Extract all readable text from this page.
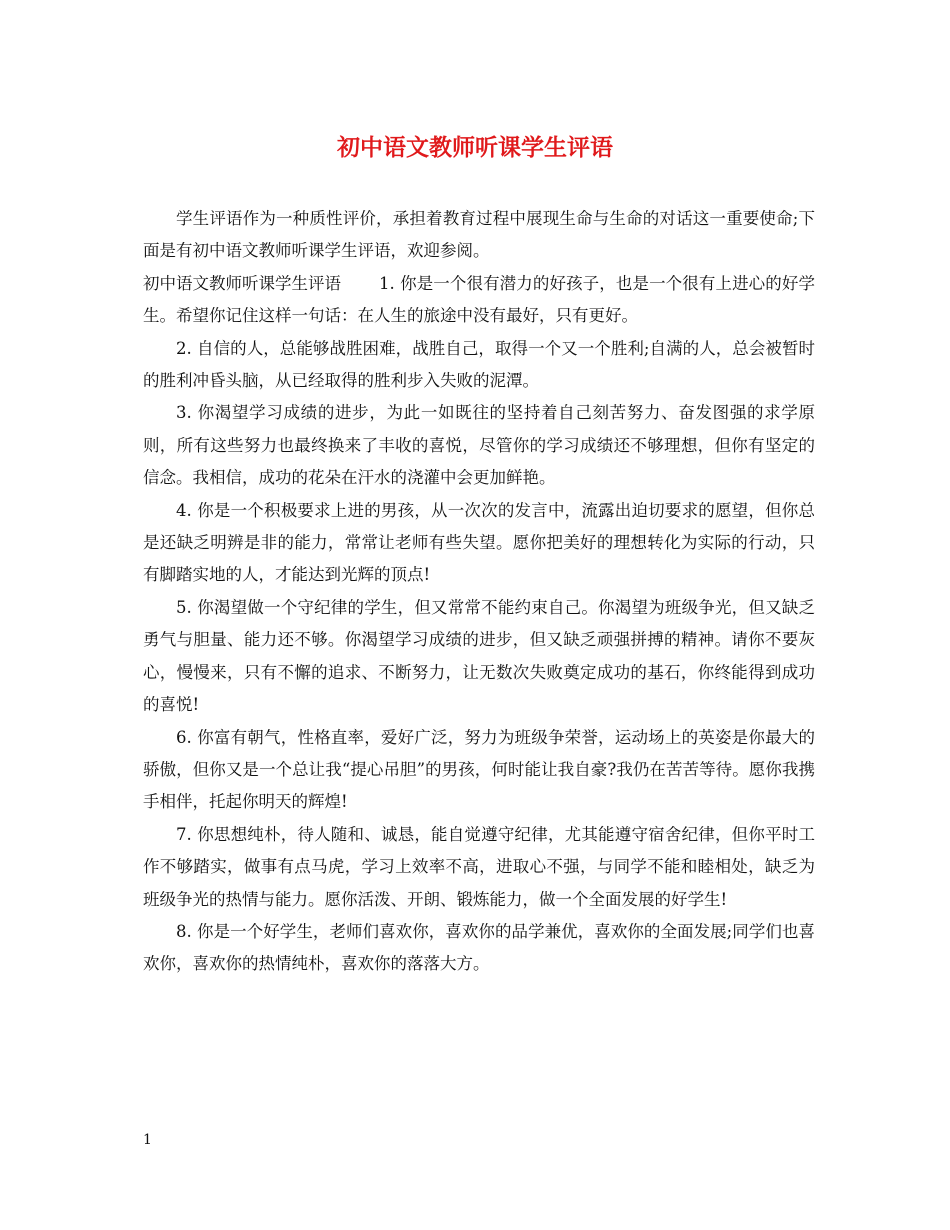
初中语文教师听课学生评语

学生评语作为一种质性评价，承担着教育过程中展现生命与生命的对话这一重要使命;下面是有初中语文教师听课学生评语，欢迎参阅。

初中语文教师听课学生评语 1. 你是一个很有潜力的好孩子，也是一个很有上进心的好学生。希望你记住这样一句话：在人生的旅途中没有最好，只有更好。

2. 自信的人，总能够战胜困难，战胜自己，取得一个又一个胜利;自满的人，总会被暂时的胜利冲昏头脑，从已经取得的胜利步入失败的泥潭。

3. 你渴望学习成绩的进步，为此一如既往的坚持着自己刻苦努力、奋发图强的求学原则，所有这些努力也最终换来了丰收的喜悦，尽管你的学习成绩还不够理想，但你有坚定的信念。我相信，成功的花朵在汗水的浇灌中会更加鲜艳。

4. 你是一个积极要求上进的男孩，从一次次的发言中，流露出迫切要求的愿望，但你总是还缺乏明辨是非的能力，常常让老师有些失望。愿你把美好的理想转化为实际的行动，只有脚踏实地的人，才能达到光辉的顶点!

5. 你渴望做一个守纪律的学生，但又常常不能约束自己。你渴望为班级争光，但又缺乏勇气与胆量、能力还不够。你渴望学习成绩的进步，但又缺乏顽强拼搏的精神。请你不要灰心，慢慢来，只有不懈的追求、不断努力，让无数次失败奠定成功的基石，你终能得到成功的喜悦!

6. 你富有朝气，性格直率，爱好广泛，努力为班级争荣誉，运动场上的英姿是你最大的骄傲，但你又是一个总让我“提心吊胆”的男孩，何时能让我自豪?我仍在苦苦等待。愿你我携手相伴，托起你明天的辉煌!

7. 你思想纯朴，待人随和、诚恳，能自觉遵守纪律，尤其能遵守宿舍纪律，但你平时工作不够踏实，做事有点马虎，学习上效率不高，进取心不强，与同学不能和睦相处，缺乏为班级争光的热情与能力。愿你活泼、开朗、锻炼能力，做一个全面发展的好学生!

8. 你是一个好学生，老师们喜欢你，喜欢你的品学兼优，喜欢你的全面发展;同学们也喜欢你，喜欢你的热情纯朴，喜欢你的落落大方。

1
